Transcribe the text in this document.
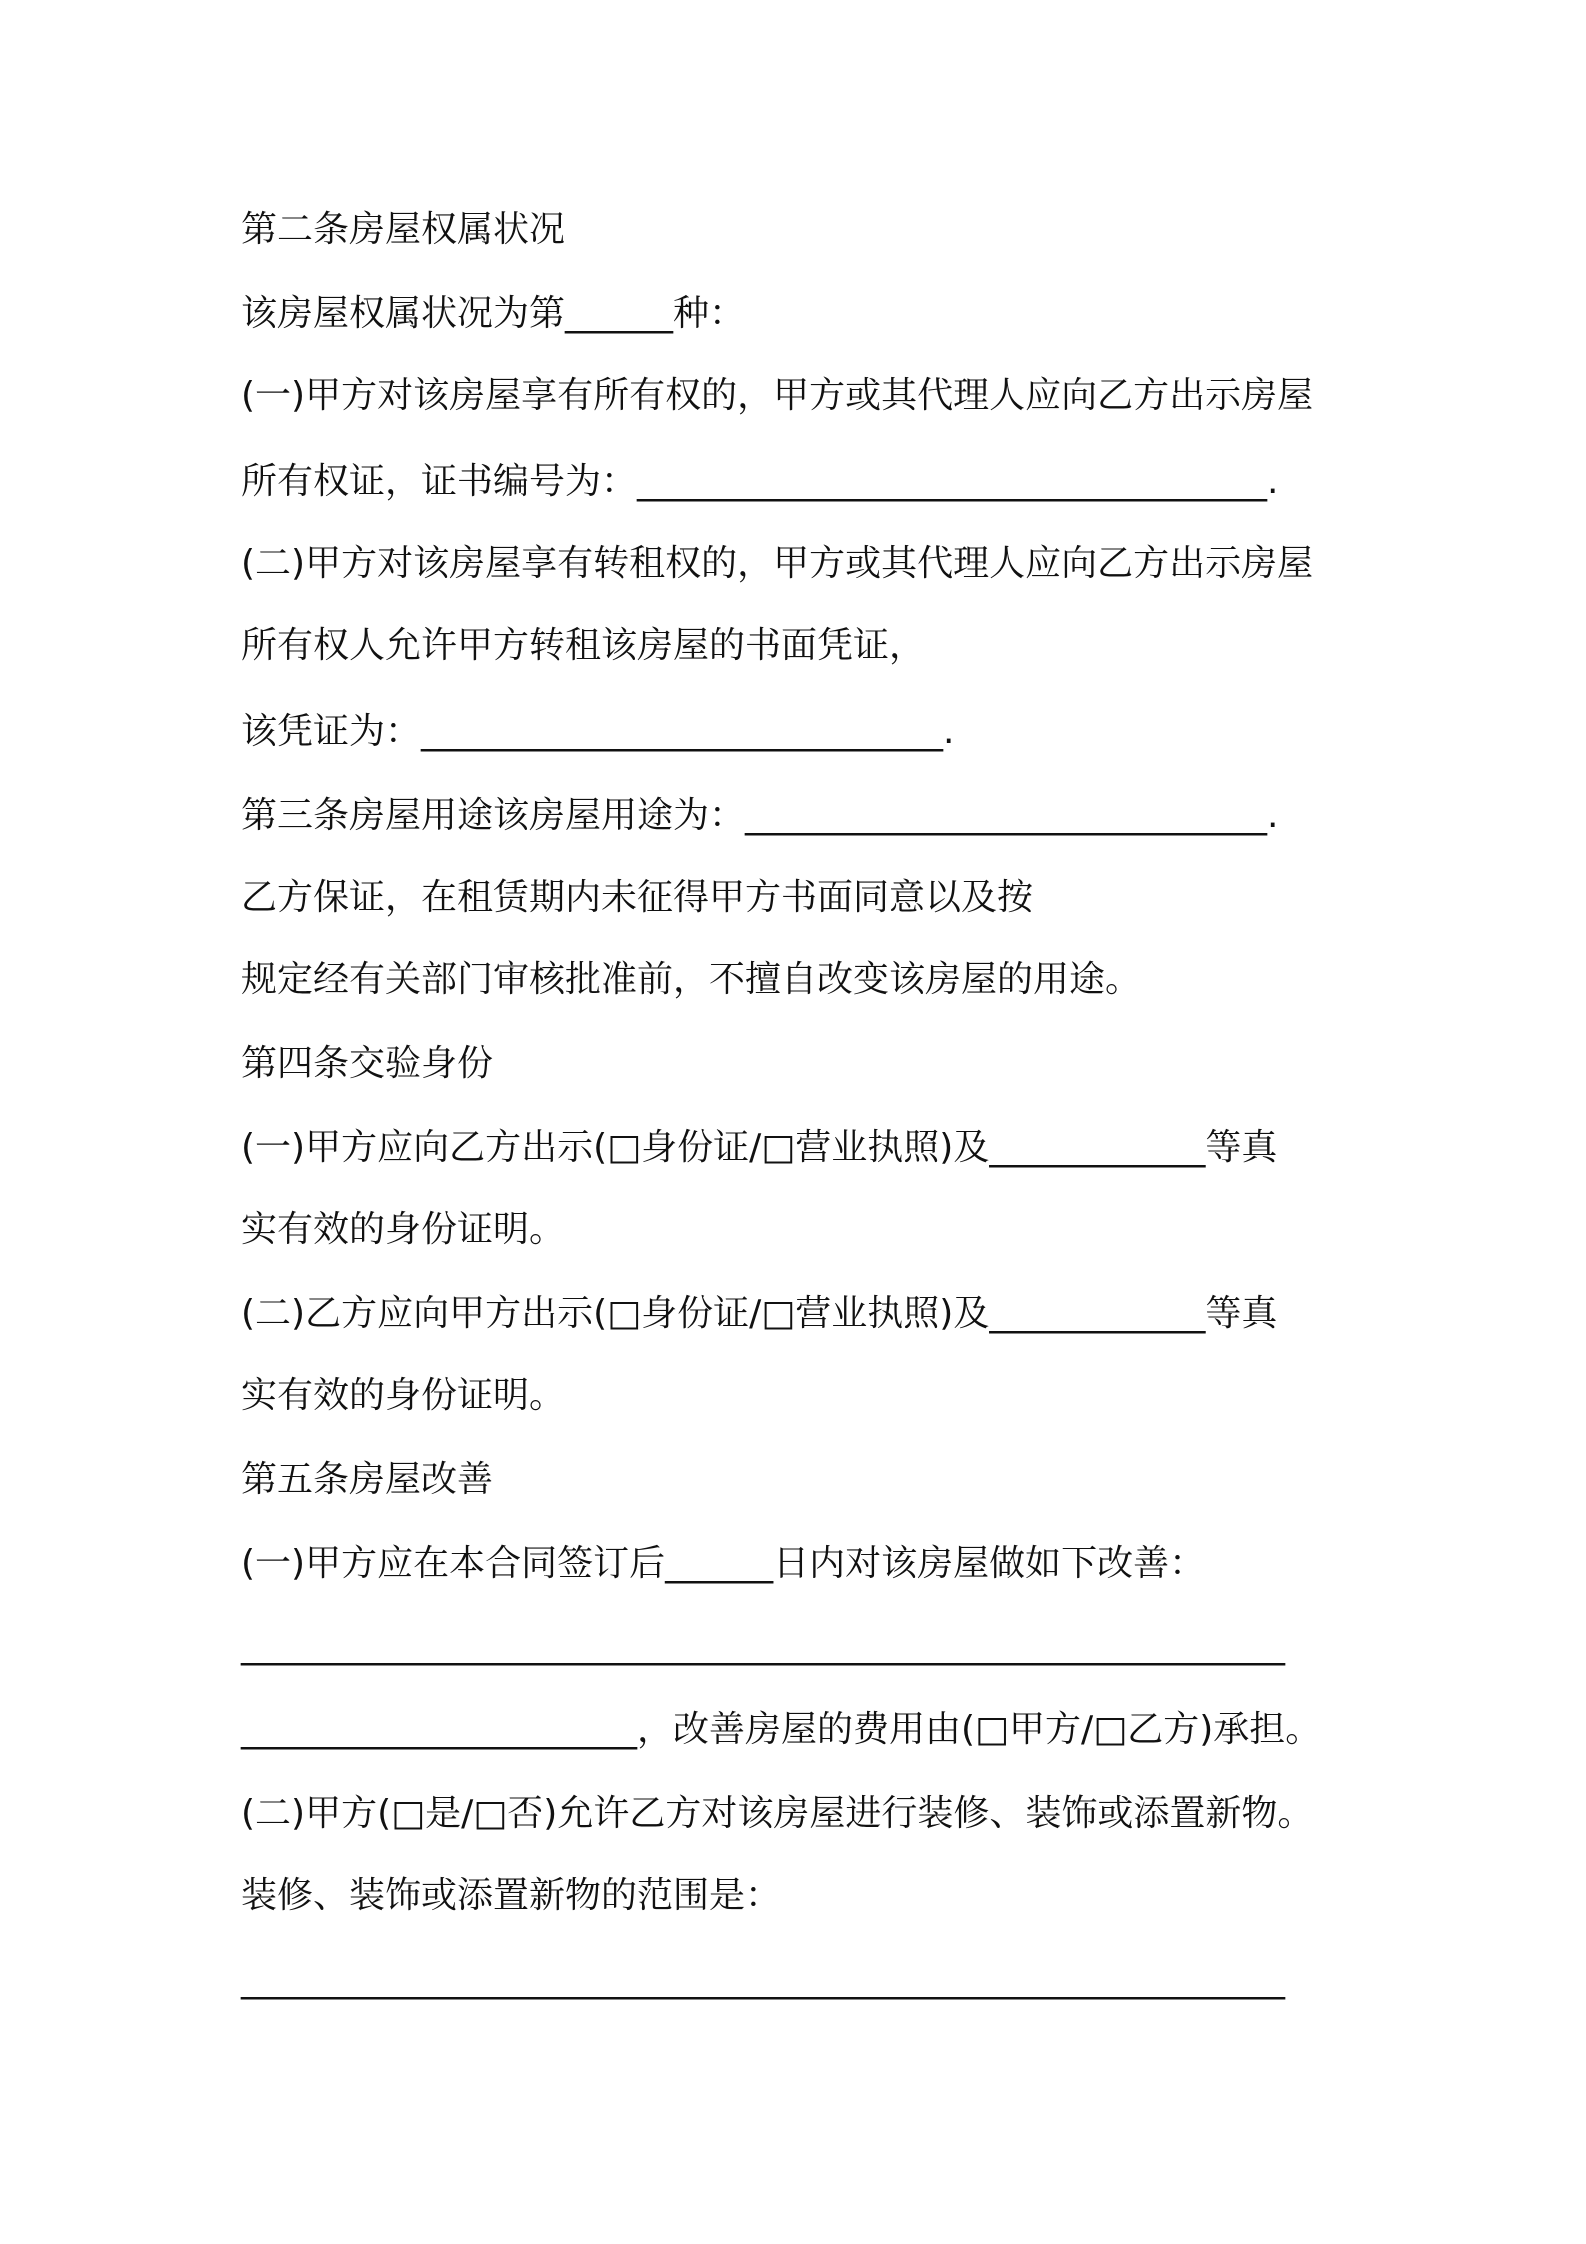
第二条房屋权属状况
该房屋权属状况为第______种：
(一)甲方对该房屋享有所有权的，甲方或其代理人应向乙方出示房屋
所有权证，证书编号为：___________________________________.
(二)甲方对该房屋享有转租权的，甲方或其代理人应向乙方出示房屋
所有权人允许甲方转租该房屋的书面凭证，
该凭证为：_____________________________.
第三条房屋用途该房屋用途为：_____________________________.
乙方保证，在租赁期内未征得甲方书面同意以及按
规定经有关部门审核批准前，不擅自改变该房屋的用途。
第四条交验身份
(一)甲方应向乙方出示(□身份证/□营业执照)及____________等真
实有效的身份证明。
(二)乙方应向甲方出示(□身份证/□营业执照)及____________等真
实有效的身份证明。
第五条房屋改善
(一)甲方应在本合同签订后______日内对该房屋做如下改善：
__________________________________________________________
______________________，改善房屋的费用由(□甲方/□乙方)承担。
(二)甲方(□是/□否)允许乙方对该房屋进行装修、装饰或添置新物。
装修、装饰或添置新物的范围是：
__________________________________________________________
